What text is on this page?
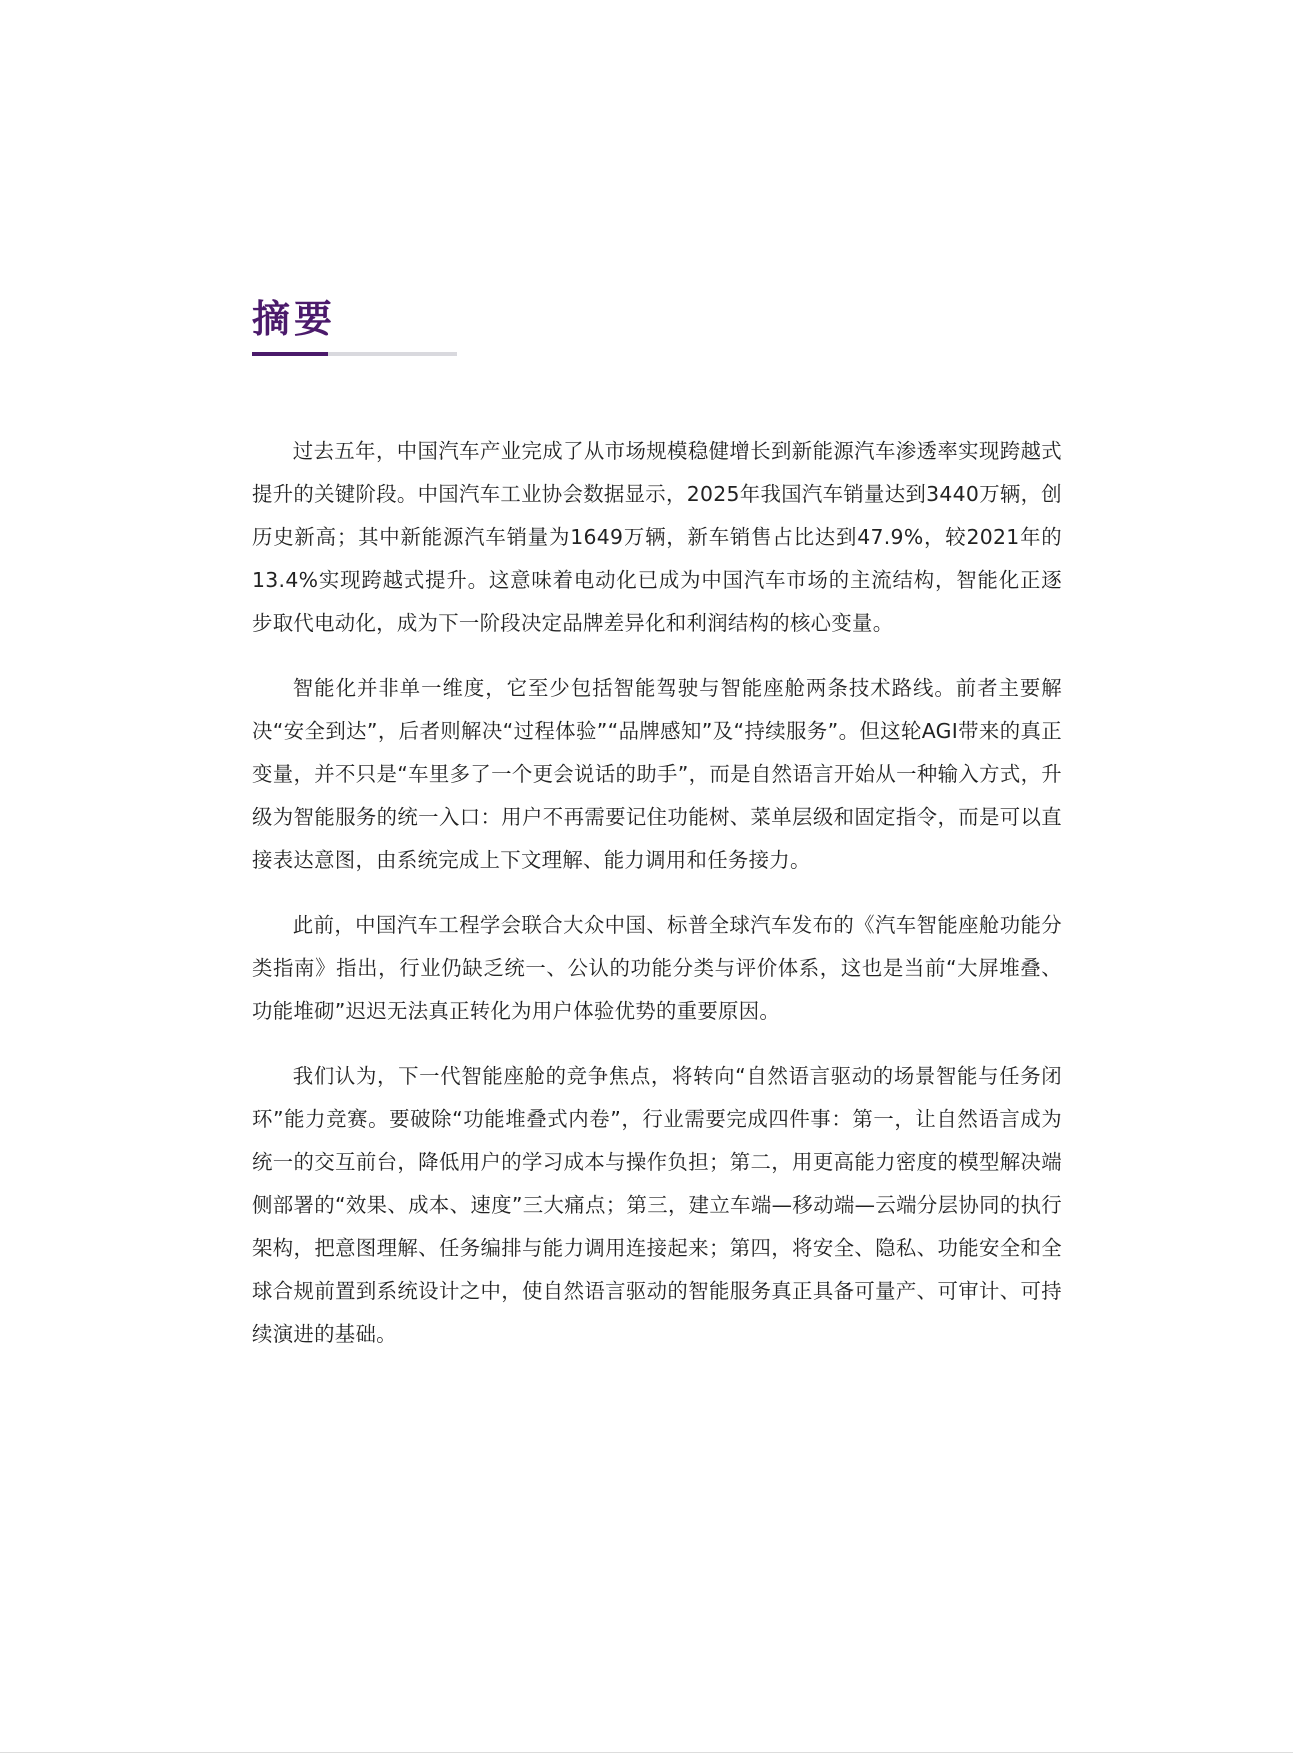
摘要

过去五年，中国汽车产业完成了从市场规模稳健增长到新能源汽车渗透率实现跨越式提升的关键阶段。中国汽车工业协会数据显示，2025年我国汽车销量达到3440万辆，创历史新高；其中新能源汽车销量为1649万辆，新车销售占比达到47.9%，较2021年的13.4%实现跨越式提升。这意味着电动化已成为中国汽车市场的主流结构，智能化正逐步取代电动化，成为下一阶段决定品牌差异化和利润结构的核心变量。

智能化并非单一维度，它至少包括智能驾驶与智能座舱两条技术路线。前者主要解决“安全到达”，后者则解决“过程体验”“品牌感知”及“持续服务”。但这轮AGI带来的真正变量，并不只是“车里多了一个更会说话的助手”，而是自然语言开始从一种输入方式，升级为智能服务的统一入口：用户不再需要记住功能树、菜单层级和固定指令，而是可以直接表达意图，由系统完成上下文理解、能力调用和任务接力。

此前，中国汽车工程学会联合大众中国、标普全球汽车发布的《汽车智能座舱功能分类指南》指出，行业仍缺乏统一、公认的功能分类与评价体系，这也是当前“大屏堆叠、功能堆砌”迟迟无法真正转化为用户体验优势的重要原因。

我们认为，下一代智能座舱的竞争焦点，将转向“自然语言驱动的场景智能与任务闭环”能力竞赛。要破除“功能堆叠式内卷”，行业需要完成四件事：第一，让自然语言成为统一的交互前台，降低用户的学习成本与操作负担；第二，用更高能力密度的模型解决端侧部署的“效果、成本、速度”三大痛点；第三，建立车端—移动端—云端分层协同的执行架构，把意图理解、任务编排与能力调用连接起来；第四，将安全、隐私、功能安全和全球合规前置到系统设计之中，使自然语言驱动的智能服务真正具备可量产、可审计、可持续演进的基础。
